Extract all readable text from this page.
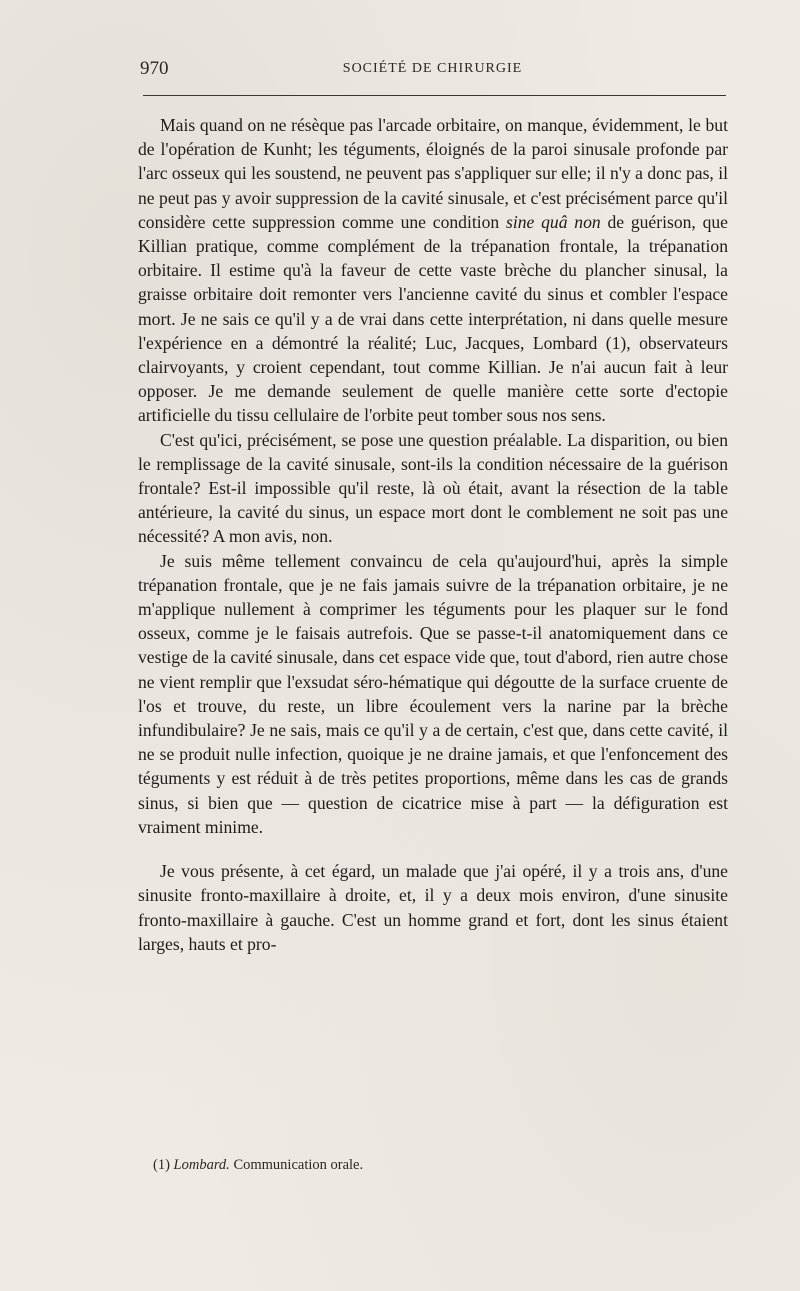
970	SOCIÉTÉ DE CHIRURGIE

Mais quand on ne résèque pas l'arcade orbitaire, on manque, évidemment, le but de l'opération de Kunht; les téguments, éloignés de la paroi sinusale profonde par l'arc osseux qui les soustend, ne peuvent pas s'appliquer sur elle; il n'y a donc pas, il ne peut pas y avoir suppression de la cavité sinusale, et c'est précisément parce qu'il considère cette suppression comme une condition sine quâ non de guérison, que Killian pratique, comme complément de la trépanation frontale, la trépanation orbitaire. Il estime qu'à la faveur de cette vaste brèche du plancher sinusal, la graisse orbitaire doit remonter vers l'ancienne cavité du sinus et combler l'espace mort. Je ne sais ce qu'il y a de vrai dans cette interprétation, ni dans quelle mesure l'expérience en a démontré la réalité; Luc, Jacques, Lombard (1), observateurs clairvoyants, y croient cependant, tout comme Killian. Je n'ai aucun fait à leur opposer. Je me demande seulement de quelle manière cette sorte d'ectopie artificielle du tissu cellulaire de l'orbite peut tomber sous nos sens.

C'est qu'ici, précisément, se pose une question préalable. La disparition, ou bien le remplissage de la cavité sinusale, sont-ils la condition nécessaire de la guérison frontale? Est-il impossible qu'il reste, là où était, avant la résection de la table antérieure, la cavité du sinus, un espace mort dont le comblement ne soit pas une nécessité? A mon avis, non.

Je suis même tellement convaincu de cela qu'aujourd'hui, après la simple trépanation frontale, que je ne fais jamais suivre de la trépanation orbitaire, je ne m'applique nullement à comprimer les téguments pour les plaquer sur le fond osseux, comme je le faisais autrefois. Que se passe-t-il anatomiquement dans ce vestige de la cavité sinusale, dans cet espace vide que, tout d'abord, rien autre chose ne vient remplir que l'exsudat séro-hématique qui dégoutte de la surface cruente de l'os et trouve, du reste, un libre écoulement vers la narine par la brèche infundibulaire? Je ne sais, mais ce qu'il y a de certain, c'est que, dans cette cavité, il ne se produit nulle infection, quoique je ne draine jamais, et que l'enfoncement des téguments y est réduit à de très petites proportions, même dans les cas de grands sinus, si bien que — question de cicatrice mise à part — la défiguration est vraiment minime.

Je vous présente, à cet égard, un malade que j'ai opéré, il y a trois ans, d'une sinusite fronto-maxillaire à droite, et, il y a deux mois environ, d'une sinusite fronto-maxillaire à gauche. C'est un homme grand et fort, dont les sinus étaient larges, hauts et pro-

(1) Lombard. Communication orale.
